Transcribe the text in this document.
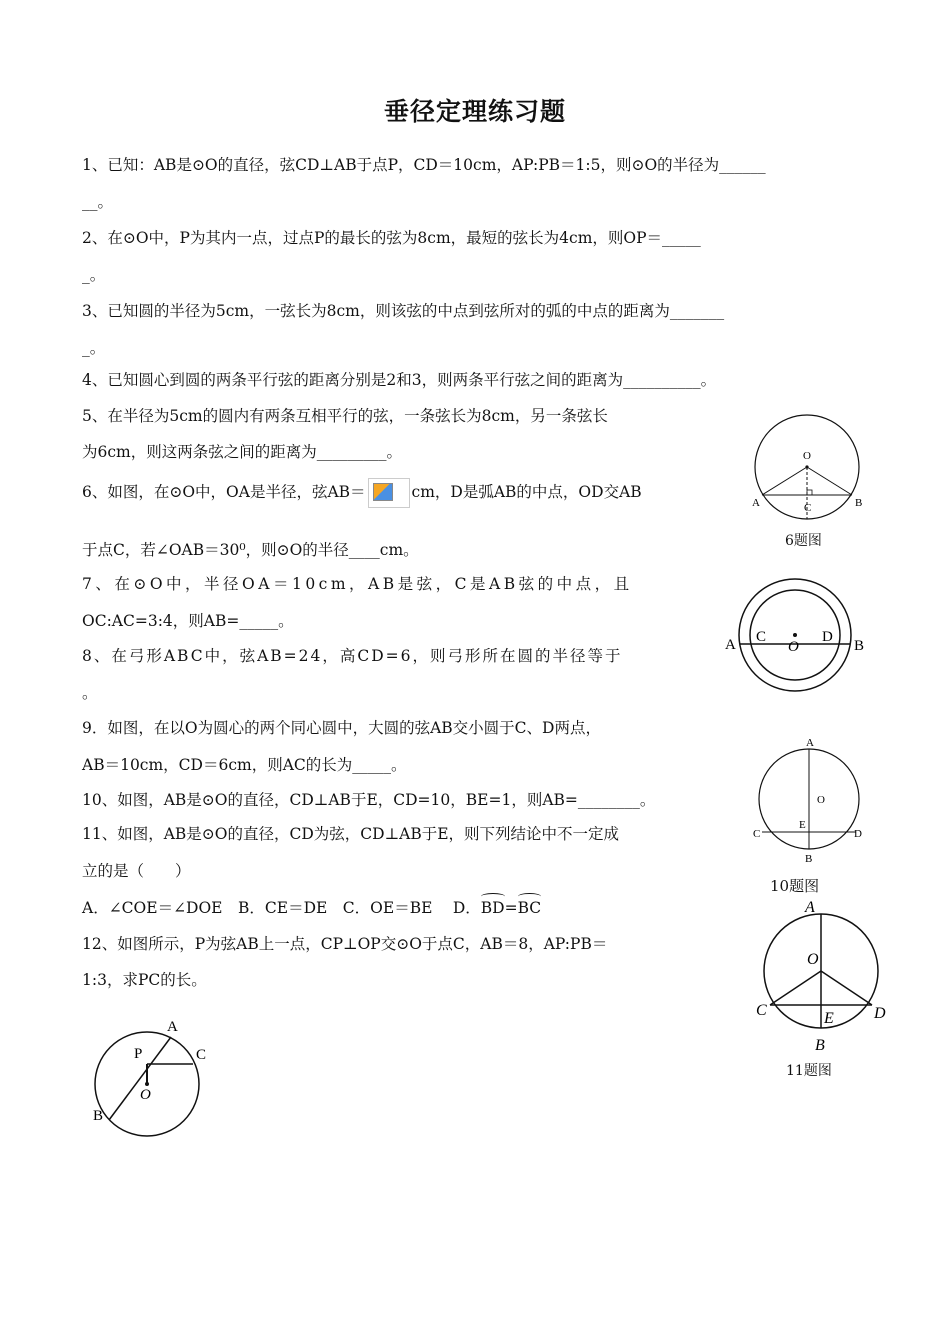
垂径定理练习题
1、已知：AB是⊙O的直径，弦CD⊥AB于点P，CD＝10cm，AP:PB＝1:5，则⊙O的半径为______
__。
2、在⊙O中，P为其内一点，过点P的最长的弦为8cm，最短的弦长为4cm，则OP＝_____
_。
3、已知圆的半径为5cm，一弦长为8cm，则该弦的中点到弦所对的弧的中点的距离为_______
_。
4、已知圆心到圆的两条平行弦的距离分别是2和3，则两条平行弦之间的距离为__________。
5、在半径为5cm的圆内有两条互相平行的弦，一条弦长为8cm，另一条弦长
为6cm，则这两条弦之间的距离为_________。
6、如图，在⊙O中，OA是半径，弦AB＝	cm，D是弧AB的中点，OD交AB
于点C，若∠OAB＝30⁰，则⊙O的半径____cm。
7、在⊙O中，半径OA＝10cm，AB是弦，C是AB弦的中点，且
OC:AC=3:4，则AB=_____。
8、在弓形ABC中，弦AB=24，高CD=6，则弓形所在圆的半径等于
。
9．如图，在以O为圆心的两个同心圆中，大圆的弦AB交小圆于C、D两点，
AB＝10cm，CD＝6cm，则AC的长为_____。
10、如图，AB是⊙O的直径，CD⊥AB于E，CD=10，BE=1，则AB=________。
11、如图，AB是⊙O的直径，CD为弦，CD⊥AB于E，则下列结论中不一定成
立的是（　　）
A．∠COE＝∠DOE　B．CE＝DE　C．OE＝BE　 D．BD=BC
12、如图所示，P为弦AB上一点，CP⊥OP交⊙O于点C，AB＝8，AP:PB＝
1:3，求PC的长。
O
A	B
C
6题图
A	B
C	D
O
A
O
E
C	D
B
10题图
A
O
C	D
E
B
11题图
A
P	C
O
B
